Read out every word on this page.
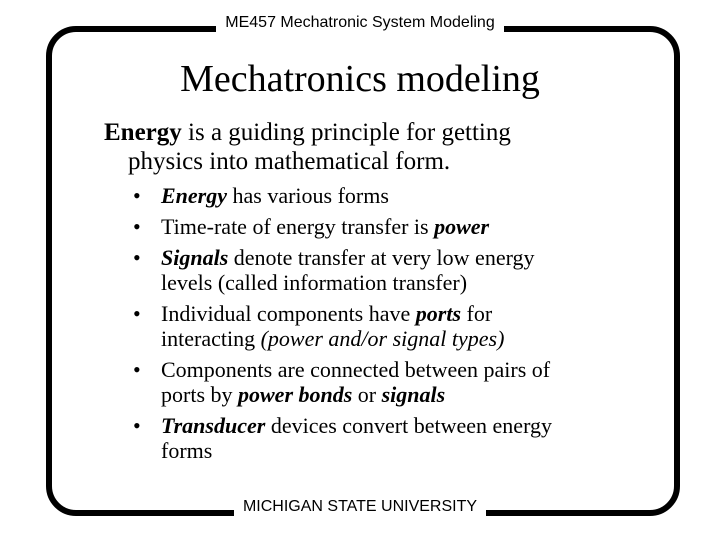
ME457 Mechatronic System Modeling
Mechatronics modeling

Energy is a guiding principle for getting
physics into mathematical form.

• Energy has various forms
• Time-rate of energy transfer is power
• Signals denote transfer at very low energy
levels (called information transfer)
• Individual components have ports for
interacting (power and/or signal types)
• Components are connected between pairs of
ports by power bonds or signals
• Transducer devices convert between energy
forms
MICHIGAN STATE UNIVERSITY
